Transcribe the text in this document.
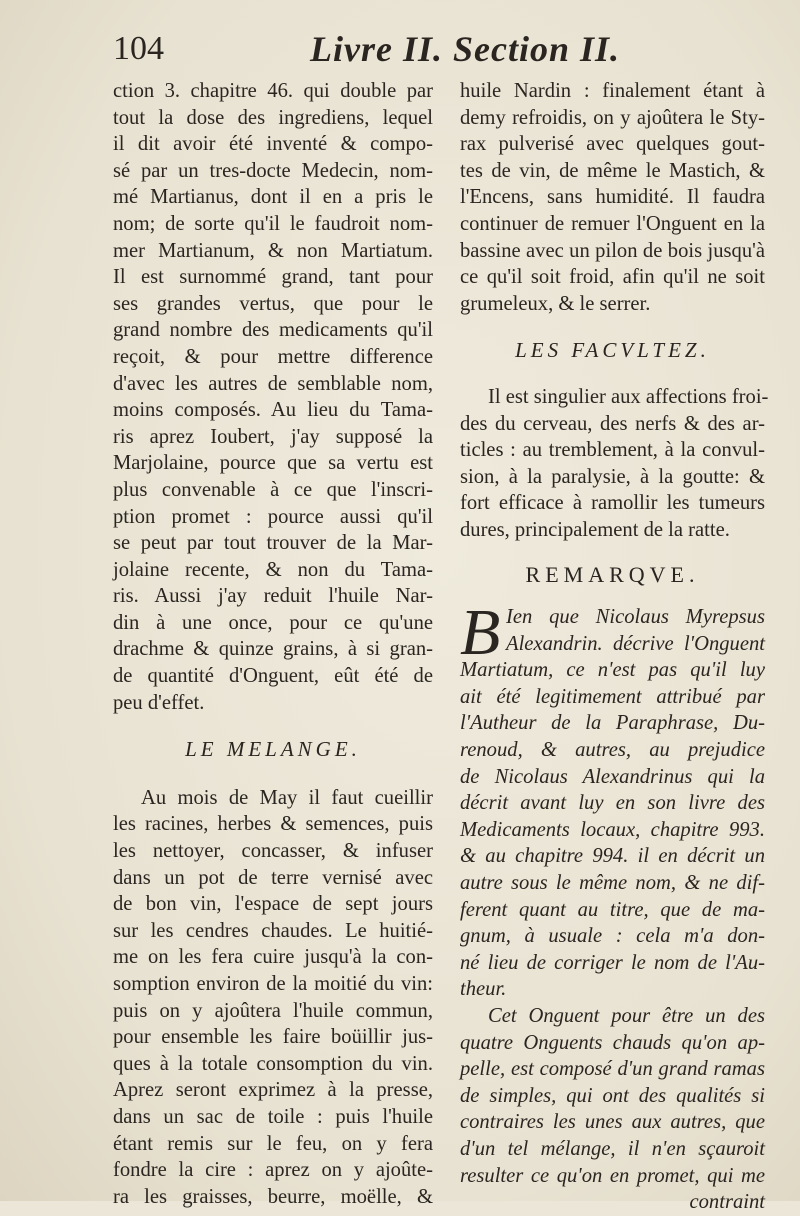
104	Livre II. Section II.
ction 3. chapitre 46. qui double par
tout la dose des ingrediens, lequel
il dit avoir été inventé & compo-
sé par un tres-docte Medecin, nom-
mé Martianus, dont il en a pris le
nom; de sorte qu'il le faudroit nom-
mer Martianum, & non Martiatum.
Il est surnommé grand, tant pour
ses grandes vertus, que pour le
grand nombre des medicaments qu'il
reçoit, & pour mettre difference
d'avec les autres de semblable nom,
moins composés. Au lieu du Tama-
ris aprez Ioubert, j'ay supposé la
Marjolaine, pource que sa vertu est
plus convenable à ce que l'inscri-
ption promet : pource aussi qu'il
se peut par tout trouver de la Mar-
jolaine recente, & non du Tama-
ris. Aussi j'ay reduit l'huile Nar-
din à une once, pour ce qu'une
drachme & quinze grains, à si gran-
de quantité d'Onguent, eût été de
peu d'effet.
LE MELANGE.
Au mois de May il faut cueillir
les racines, herbes & semences, puis
les nettoyer, concasser, & infuser
dans un pot de terre vernisé avec
de bon vin, l'espace de sept jours
sur les cendres chaudes. Le huitié-
me on les fera cuire jusqu'à la con-
somption environ de la moitié du vin:
puis on y ajoûtera l'huile commun,
pour ensemble les faire boüillir jus-
ques à la totale consomption du vin.
Aprez seront exprimez à la presse,
dans un sac de toile : puis l'huile
étant remis sur le feu, on y fera
fondre la cire : aprez on y ajoûte-
ra les graisses, beurre, moëlle, &
huile Nardin : finalement étant à
demy refroidis, on y ajoûtera le Sty-
rax pulverisé avec quelques gout-
tes de vin, de même le Mastich, &
l'Encens, sans humidité. Il faudra
continuer de remuer l'Onguent en la
bassine avec un pilon de bois jusqu'à
ce qu'il soit froid, afin qu'il ne soit
grumeleux, & le serrer.
LES FACVLTEZ.
Il est singulier aux affections froi-
des du cerveau, des nerfs & des ar-
ticles : au tremblement, à la convul-
sion, à la paralysie, à la goutte: &
fort efficace à ramollir les tumeurs
dures, principalement de la ratte.
REMARQVE.
B Ien que Nicolaus Myrepsus
Alexandrin. décrive l'Onguent
Martiatum, ce n'est pas qu'il luy
ait été legitimement attribué par
l'Autheur de la Paraphrase, Du-
renoud, & autres, au prejudice
de Nicolaus Alexandrinus qui la
décrit avant luy en son livre des
Medicaments locaux, chapitre 993.
& au chapitre 994. il en décrit un
autre sous le même nom, & ne dif-
ferent quant au titre, que de ma-
gnum, à usuale : cela m'a don-
né lieu de corriger le nom de l'Au-
theur.
Cet Onguent pour être un des
quatre Onguents chauds qu'on ap-
pelle, est composé d'un grand ramas
de simples, qui ont des qualités si
contraires les unes aux autres, que
d'un tel mélange, il n'en sçauroit
resulter ce qu'on en promet, qui me
contraint
